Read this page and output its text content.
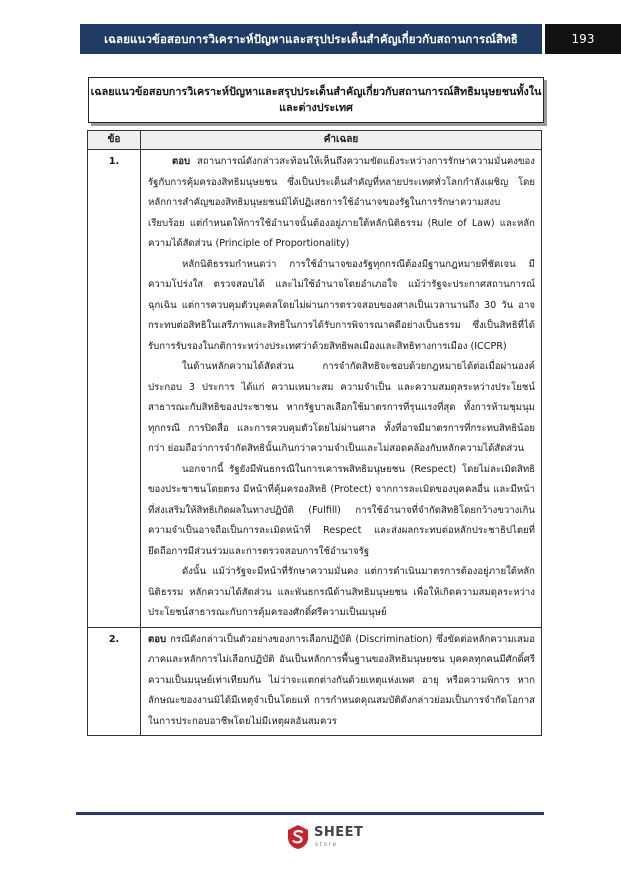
เฉลยแนวข้อสอบการวิเคราะห์ปัญหาและสรุปประเด็นสำคัญเกี่ยวกับสถานการณ์สิทธิ	193
เฉลยแนวข้อสอบการวิเคราะห์ปัญหาและสรุปประเด็นสำคัญเกี่ยวกับสถานการณ์สิทธิมนุษยชนทั้งใน
และต่างประเทศ
ข้อ	คำเฉลย
1.	ตอบ สถานการณ์ดังกล่าวสะท้อนให้เห็นถึงความขัดแย้งระหว่างการรักษาความมั่นคงของรัฐกับการคุ้มครองสิทธิมนุษยชน ซึ่งเป็นประเด็นสำคัญที่หลายประเทศทั่วโลกกำลังเผชิญ โดยหลักการสำคัญของสิทธิมนุษยชนมิได้ปฏิเสธการใช้อำนาจของรัฐในการรักษาความสงบเรียบร้อย แต่กำหนดให้การใช้อำนาจนั้นต้องอยู่ภายใต้หลักนิติธรรม (Rule of Law) และหลักความได้สัดส่วน (Principle of Proportionality)

หลักนิติธรรมกำหนดว่า การใช้อำนาจของรัฐทุกกรณีต้องมีฐานกฎหมายที่ชัดเจน มีความโปร่งใส ตรวจสอบได้ และไม่ใช้อำนาจโดยอำเภอใจ แม้ว่ารัฐจะประกาศสถานการณ์ฉุกเฉิน แต่การควบคุมตัวบุคคลโดยไม่ผ่านการตรวจสอบของศาลเป็นเวลานานถึง 30 วัน อาจกระทบต่อสิทธิในเสรีภาพและสิทธิในการได้รับการพิจารณาคดีอย่างเป็นธรรม ซึ่งเป็นสิทธิที่ได้รับการรับรองในกติการะหว่างประเทศว่าด้วยสิทธิพลเมืองและสิทธิทางการเมือง (ICCPR)

ในด้านหลักความได้สัดส่วน การจำกัดสิทธิจะชอบด้วยกฎหมายได้ต่อเมื่อผ่านองค์ประกอบ 3 ประการ ได้แก่ ความเหมาะสม ความจำเป็น และความสมดุลระหว่างประโยชน์สาธารณะกับสิทธิของประชาชน หากรัฐบาลเลือกใช้มาตรการที่รุนแรงที่สุด ทั้งการห้ามชุมนุมทุกกรณี การปิดสื่อ และการควบคุมตัวโดยไม่ผ่านศาล ทั้งที่อาจมีมาตรการที่กระทบสิทธิน้อยกว่า ย่อมถือว่าการจำกัดสิทธินั้นเกินกว่าความจำเป็นและไม่สอดคล้องกับหลักความได้สัดส่วน

นอกจากนี้ รัฐยังมีพันธกรณีในการเคารพสิทธิมนุษยชน (Respect) โดยไม่ละเมิดสิทธิของประชาชนโดยตรง มีหน้าที่คุ้มครองสิทธิ (Protect) จากการละเมิดของบุคคลอื่น และมีหน้าที่ส่งเสริมให้สิทธิเกิดผลในทางปฏิบัติ (Fulfill) การใช้อำนาจที่จำกัดสิทธิโดยกว้างขวางเกินความจำเป็นอาจถือเป็นการละเมิดหน้าที่ Respect และส่งผลกระทบต่อหลักประชาธิปไตยที่ยึดถือการมีส่วนร่วมและการตรวจสอบการใช้อำนาจรัฐ

ดังนั้น แม้ว่ารัฐจะมีหน้าที่รักษาความมั่นคง แต่การดำเนินมาตรการต้องอยู่ภายใต้หลักนิติธรรม หลักความได้สัดส่วน และพันธกรณีด้านสิทธิมนุษยชน เพื่อให้เกิดความสมดุลระหว่างประโยชน์สาธารณะกับการคุ้มครองศักดิ์ศรีความเป็นมนุษย์

2.	ตอบ กรณีดังกล่าวเป็นตัวอย่างของการเลือกปฏิบัติ (Discrimination) ซึ่งขัดต่อหลักความเสมอภาคและหลักการไม่เลือกปฏิบัติ อันเป็นหลักการพื้นฐานของสิทธิมนุษยชน บุคคลทุกคนมีศักดิ์ศรีความเป็นมนุษย์เท่าเทียมกัน ไม่ว่าจะแตกต่างกันด้วยเหตุแห่งเพศ อายุ หรือความพิการ หากลักษณะของงานมิได้มีเหตุจำเป็นโดยแท้ การกำหนดคุณสมบัติดังกล่าวย่อมเป็นการจำกัดโอกาสในการประกอบอาชีพโดยไม่มีเหตุผลอันสมควร

SHEET
store
